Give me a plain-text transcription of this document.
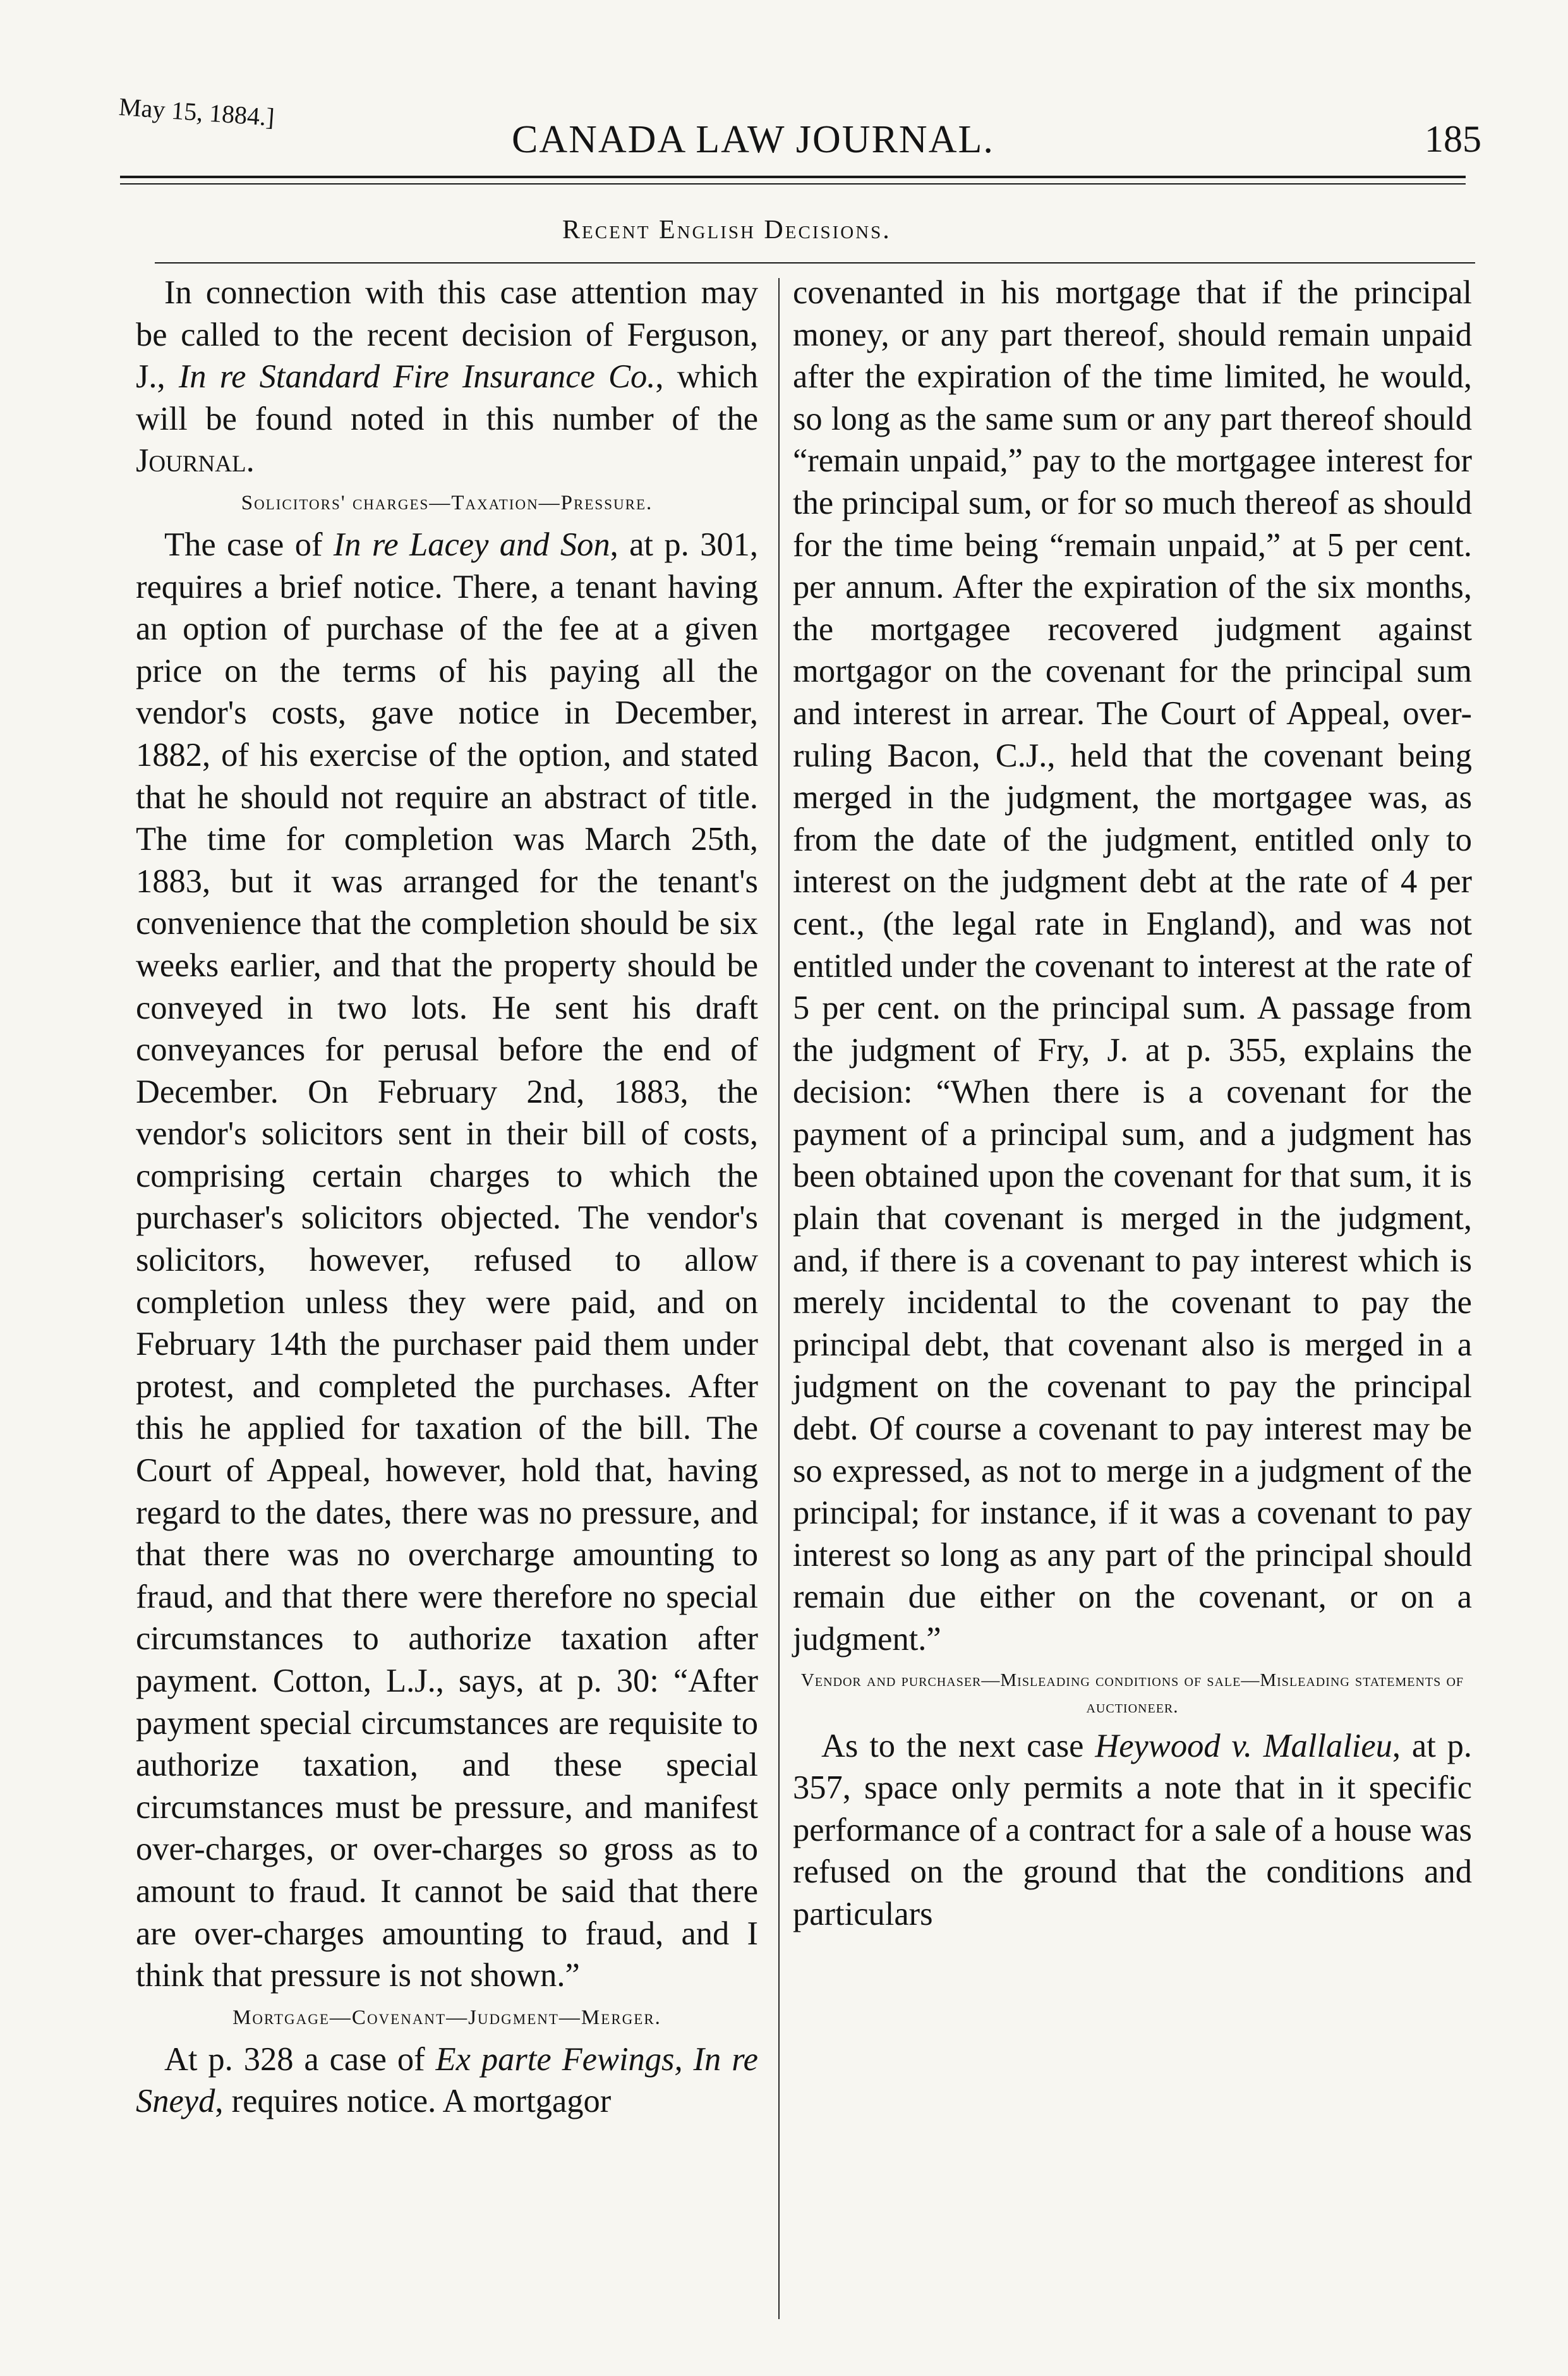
May 15, 1884.]
CANADA LAW JOURNAL.	185
Recent English Decisions.

In connection with this case attention may be called to the recent decision of Ferguson, J., In re Standard Fire Insurance Co., which will be found noted in this number of the Journal.

Solicitors' charges—Taxation—Pressure.

The case of In re Lacey and Son, at p. 301, requires a brief notice. There, a tenant having an option of purchase of the fee at a given price on the terms of his paying all the vendor's costs, gave notice in December, 1882, of his exercise of the option, and stated that he should not require an abstract of title. The time for completion was March 25th, 1883, but it was arranged for the tenant's convenience that the completion should be six weeks earlier, and that the property should be conveyed in two lots. He sent his draft conveyances for perusal before the end of December. On February 2nd, 1883, the vendor's solicitors sent in their bill of costs, comprising certain charges to which the purchaser's solicitors objected. The vendor's solicitors, however, refused to allow completion unless they were paid, and on February 14th the purchaser paid them under protest, and completed the purchases. After this he applied for taxation of the bill. The Court of Appeal, however, hold that, having regard to the dates, there was no pressure, and that there was no overcharge amounting to fraud, and that there were therefore no special circumstances to authorize taxation after payment. Cotton, L.J., says, at p. 30: “After payment special circumstances are requisite to authorize taxation, and these special circumstances must be pressure, and manifest over-charges, or over-charges so gross as to amount to fraud. It cannot be said that there are over-charges amounting to fraud, and I think that pressure is not shown.”

Mortgage—Covenant—Judgment—Merger.

At p. 328 a case of Ex parte Fewings, In re Sneyd, requires notice. A mortgagor

covenanted in his mortgage that if the principal money, or any part thereof, should remain unpaid after the expiration of the time limited, he would, so long as the same sum or any part thereof should “remain unpaid,” pay to the mortgagee interest for the principal sum, or for so much thereof as should for the time being “remain unpaid,” at 5 per cent. per annum. After the expiration of the six months, the mortgagee recovered judgment against mortgagor on the covenant for the principal sum and interest in arrear. The Court of Appeal, over-ruling Bacon, C.J., held that the covenant being merged in the judgment, the mortgagee was, as from the date of the judgment, entitled only to interest on the judgment debt at the rate of 4 per cent., (the legal rate in England), and was not entitled under the covenant to interest at the rate of 5 per cent. on the principal sum. A passage from the judgment of Fry, J. at p. 355, explains the decision: “When there is a covenant for the payment of a principal sum, and a judgment has been obtained upon the covenant for that sum, it is plain that covenant is merged in the judgment, and, if there is a covenant to pay interest which is merely incidental to the covenant to pay the principal debt, that covenant also is merged in a judgment on the covenant to pay the principal debt. Of course a covenant to pay interest may be so expressed, as not to merge in a judgment of the principal; for instance, if it was a covenant to pay interest so long as any part of the principal should remain due either on the covenant, or on a judgment.”

Vendor and purchaser—Misleading conditions of sale—Misleading statements of auctioneer.

As to the next case Heywood v. Mallalieu, at p. 357, space only permits a note that in it specific performance of a contract for a sale of a house was refused on the ground that the conditions and particulars
